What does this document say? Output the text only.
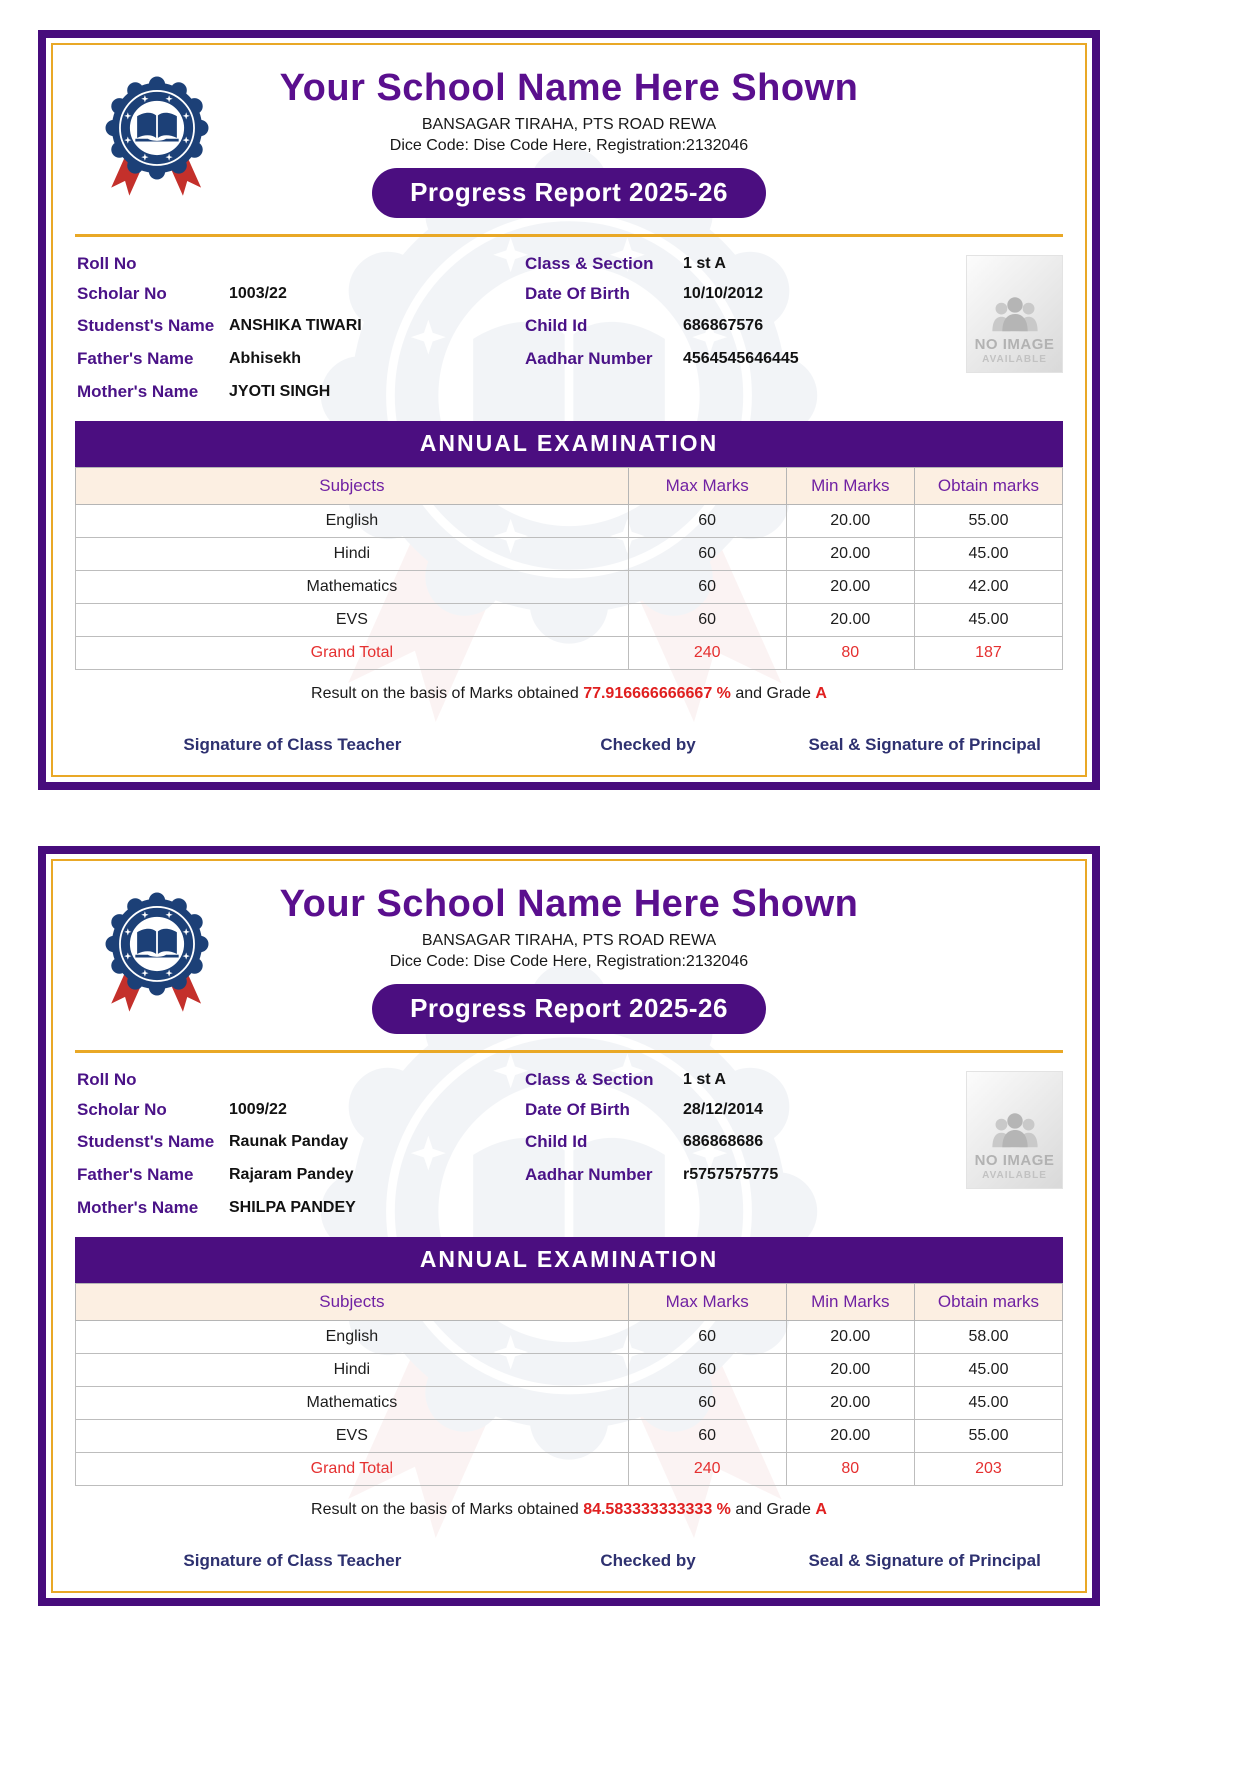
Your School Name Here Shown
BANSAGAR TIRAHA, PTS ROAD REWA
Dice Code: Dise Code Here, Registration:2132046
Progress Report 2025-26
Roll No
Scholar No	1003/22
Studenst's Name ANSHIKA TIWARI
Father's Name	Abhisekh
Mother's Name	JYOTI SINGH
Class & Section	1 st A
Date Of Birth	10/10/2012
Child Id	686867576
Aadhar Number	4564545646445
NO IMAGE
AVAILABLE
ANNUAL EXAMINATION
Subjects	Max Marks	Min Marks	Obtain marks
English	60	20.00	55.00
Hindi	60	20.00	45.00
Mathematics	60	20.00	42.00
EVS	60	20.00	45.00
Grand Total	240	80	187
Result on the basis of Marks obtained 77.916666666667 % and Grade A
Signature of Class Teacher	Checked by	Seal & Signature of Principal
Your School Name Here Shown
BANSAGAR TIRAHA, PTS ROAD REWA
Dice Code: Dise Code Here, Registration:2132046
Progress Report 2025-26
Roll No
Scholar No	1009/22
Studenst's Name Raunak Panday
Father's Name	Rajaram Pandey
Mother's Name	SHILPA PANDEY
Class & Section	1 st A
Date Of Birth	28/12/2014
Child Id	686868686
Aadhar Number	r5757575775
NO IMAGE
AVAILABLE
ANNUAL EXAMINATION
Subjects	Max Marks	Min Marks	Obtain marks
English	60	20.00	58.00
Hindi	60	20.00	45.00
Mathematics	60	20.00	45.00
EVS	60	20.00	55.00
Grand Total	240	80	203
Result on the basis of Marks obtained 84.583333333333 % and Grade A
Signature of Class Teacher	Checked by	Seal & Signature of Principal
